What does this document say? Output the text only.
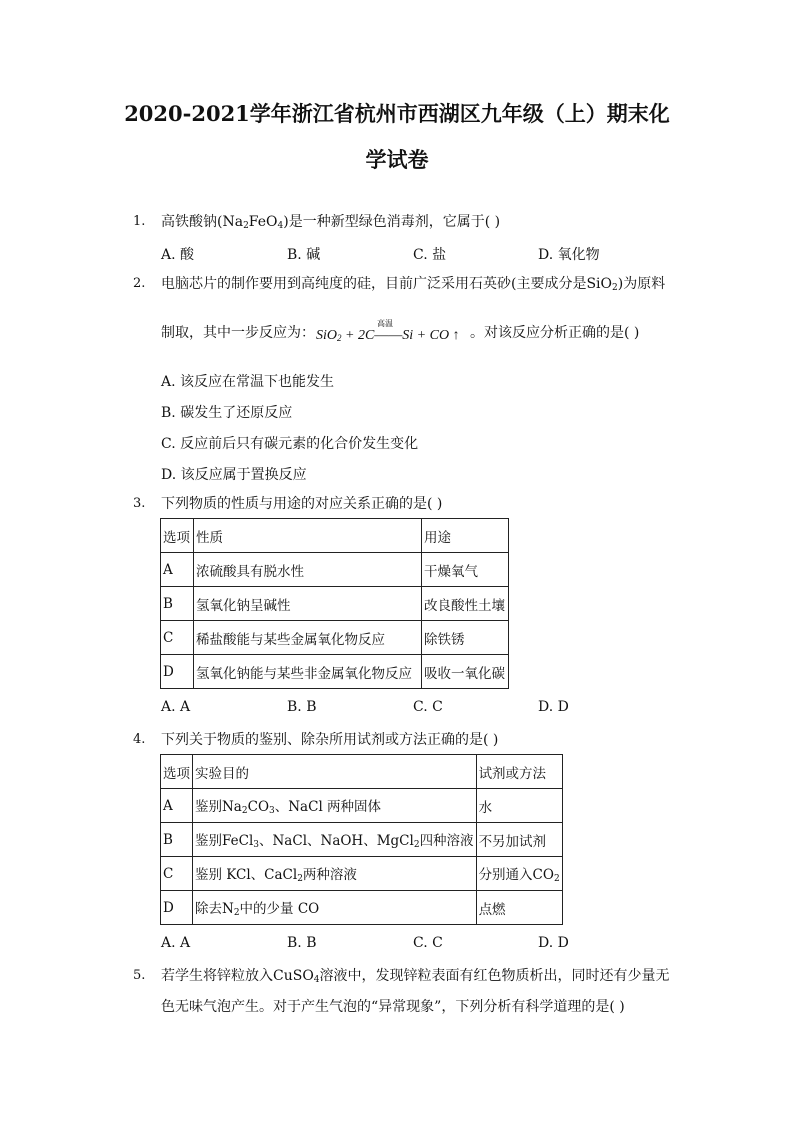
2020-2021学年浙江省杭州市西湖区九年级（上）期末化
学试卷
1. 高铁酸钠$(Na_2FeO_4)$是一种新型绿色消毒剂，它属于( )
A. 酸	B. 碱	C. 盐	D. 氧化物
2. 电脑芯片的制作要用到高纯度的硅，目前广泛采用石英砂(主要成分是SiO$_2$)为原料
制取，其中一步反应为：
高温
SiO$_2$ + 2C——Si + CO ↑ 。对该反应分析正确的是( )
A. 该反应在常温下也能发生
B. 碳发生了还原反应
C. 反应前后只有碳元素的化合价发生变化
D. 该反应属于置换反应
3. 下列物质的性质与用途的对应关系正确的是( )
选项	性质	用途
A	浓硫酸具有脱水性	干燥氧气
B	氢氧化钠呈碱性	改良酸性土壤
C	稀盐酸能与某些金属氧化物反应	除铁锈
D	氢氧化钠能与某些非金属氧化物反应	吸收一氧化碳
A. A	B. B	C. C	D. D
4. 下列关于物质的鉴别、除杂所用试剂或方法正确的是( )
选项	实验目的	试剂或方法
A	鉴别$Na_2CO_3$、NaCl 两种固体	水
B	鉴别FeCl$_3$、NaCl、NaOH、MgCl$_2$四种溶液	不另加试剂
C	鉴别 KCl、CaCl$_2$两种溶液	分别通入$CO_2$
D	除去$N_2$中的少量 CO	点燃
A. A	B. B	C. C	D. D
5. 若学生将锌粒放入CuSO$_4$溶液中，发现锌粒表面有红色物质析出，同时还有少量无
色无味气泡产生。对于产生气泡的“异常现象”，下列分析有科学道理的是( )
